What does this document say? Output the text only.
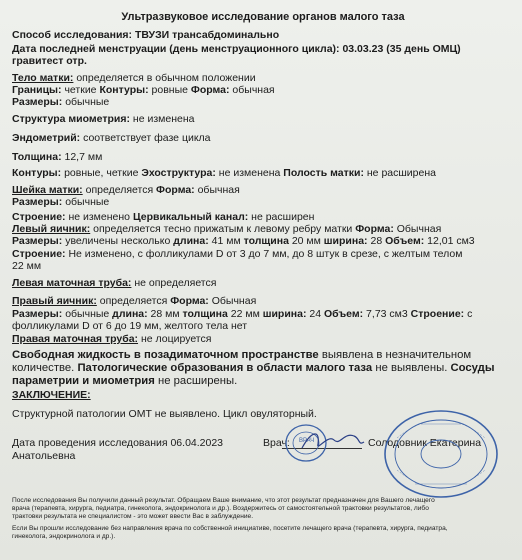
Ультразвуковое исследование органов малого таза
Способ исследования: ТВУЗИ трансабдоминально
Дата последней менструации (день менструационного цикла): 03.03.23 (35 день ОМЦ)
гравитест отр.
Тело матки: определяется в обычном положении
Границы: четкие Контуры: ровные Форма: обычная
Размеры: обычные
Структура миометрия: не изменена
Эндометрий: соответствует фазе цикла
Толщина: 12,7 мм
Контуры: ровные, четкие Эхоструктура: не изменена Полость матки: не расширена
Шейка матки: определяется Форма: обычная
Размеры: обычные
Строение: не изменено Цервикальный канал: не расширен
Левый яичник: определяется тесно прижатым к левому ребру матки Форма: Обычная
Размеры: увеличены несколько длина: 41 мм толщина 20 мм ширина: 28 Объем: 12,01 см3
Строение: Не изменено, с фолликулами D от 3 до 7 мм, до 8 штук в срезе, с желтым телом
22 мм
Левая маточная труба: не определяется
Правый яичник: определяется Форма: Обычная
Размеры: обычные длина: 28 мм толщина 22 мм ширина: 24 Объем: 7,73 см3 Строение: с
фолликулами D от 6 до 19 мм, желтого тела нет
Правая маточная труба: не лоцируется
Свободная жидкость в позадиматочном пространстве выявлена в незначительном
количестве. Патологические образования в области малого таза не выявлены. Сосуды
параметрии и миометрия не расширены.
ЗАКЛЮЧЕНИЕ:
Структурной патологии ОМТ не выявлено. Цикл овуляторный.
Дата проведения исследования 06.04.2023	Врач:	Солодовник Екатерина
Анатольевна
После исследования Вы получили данный результат. Обращаем Ваше внимание, что этот результат предназначен для Вашего лечащего
врача (терапевта, хирурга, педиатра, гинеколога, эндокринолога и др.). Воздержитесь от самостоятельной трактовки результатов, либо
трактовки результата не специалистом - это может ввести Вас в заблуждение.
Если Вы прошли исследование без направления врача по собственной инициативе, посетите лечащего врача (терапевта, хирурга, педиатра,
гинеколога, эндокринолога и др.).
ВРАЧ
